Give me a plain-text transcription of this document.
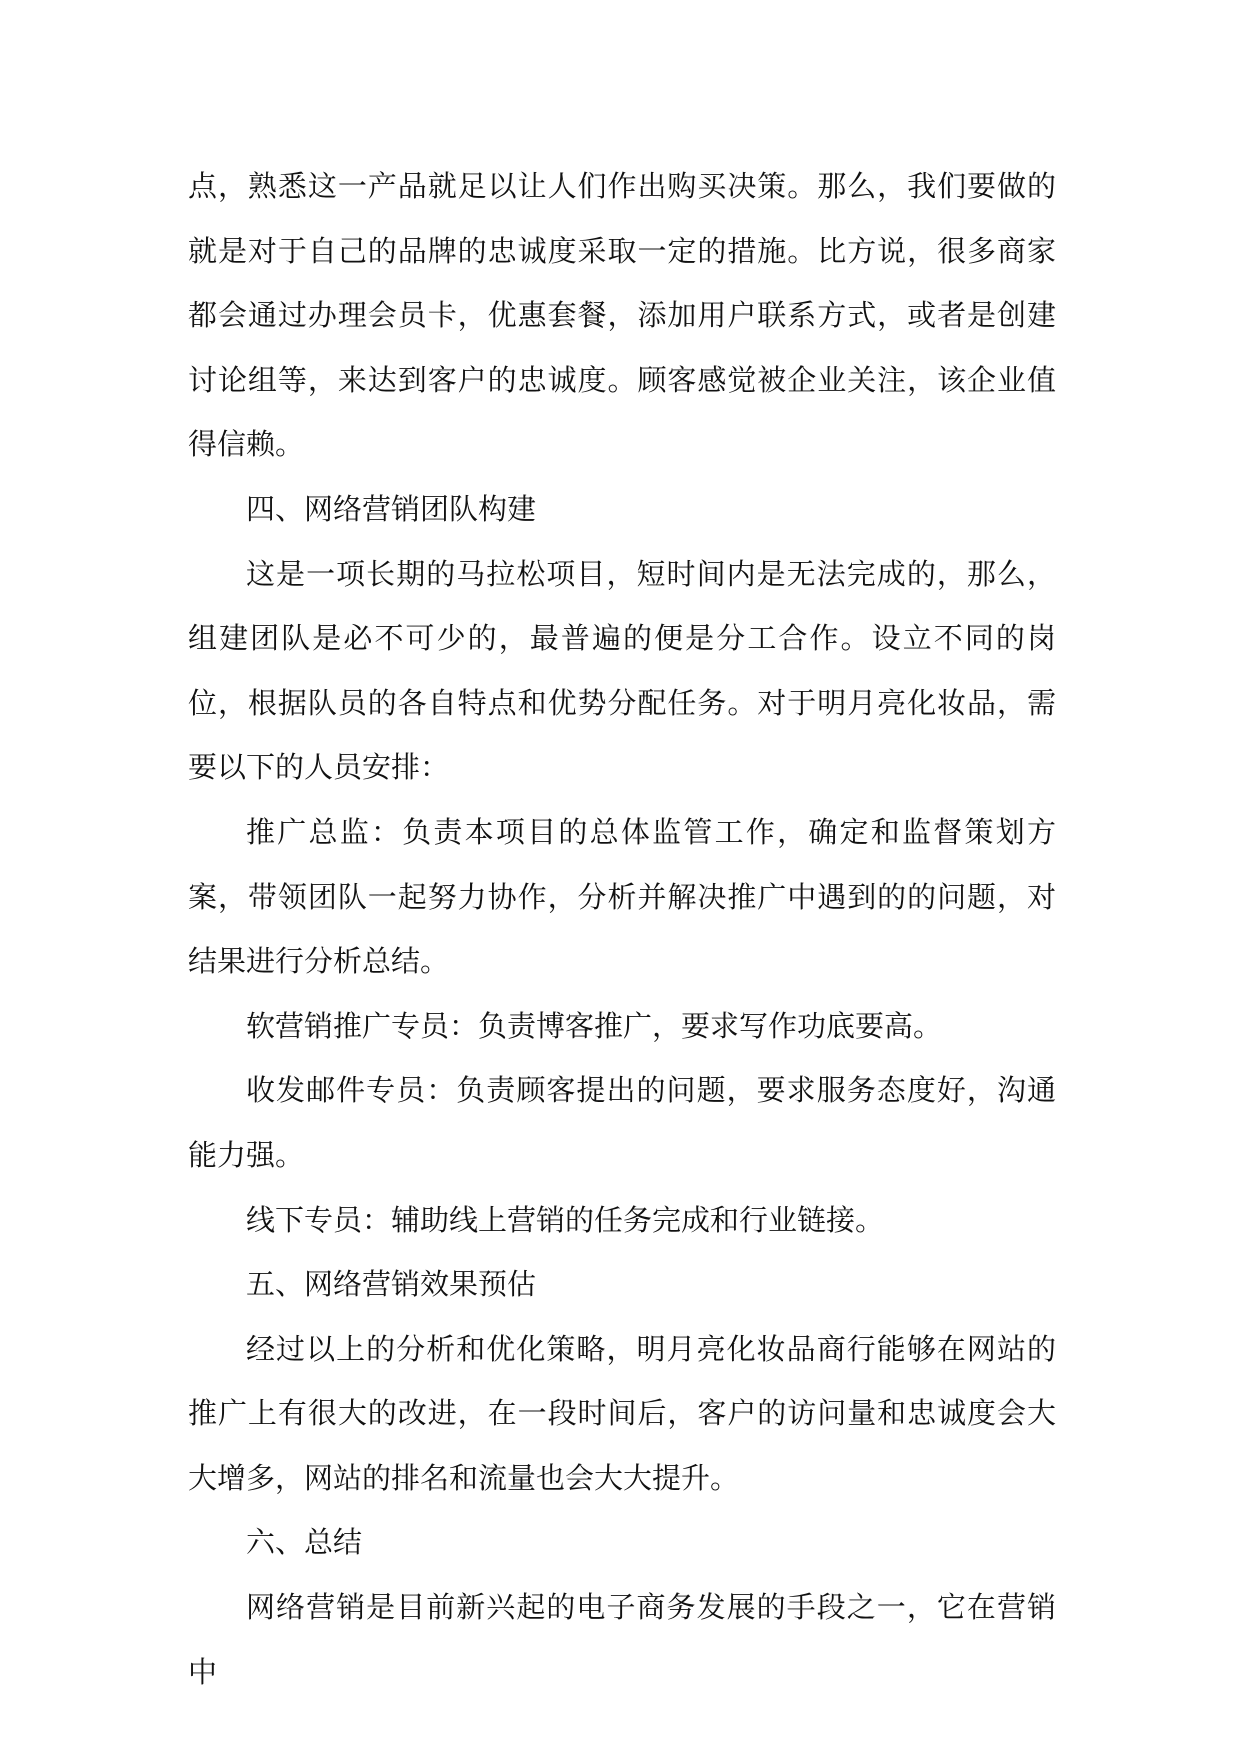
点，熟悉这一产品就足以让人们作出购买决策。那么，我们要做的就是对于自己的品牌的忠诚度采取一定的措施。比方说，很多商家都会通过办理会员卡，优惠套餐，添加用户联系方式，或者是创建讨论组等，来达到客户的忠诚度。顾客感觉被企业关注，该企业值得信赖。

四、网络营销团队构建

这是一项长期的马拉松项目，短时间内是无法完成的，那么，组建团队是必不可少的，最普遍的便是分工合作。设立不同的岗位，根据队员的各自特点和优势分配任务。对于明月亮化妆品，需要以下的人员安排：

推广总监：负责本项目的总体监管工作，确定和监督策划方案，带领团队一起努力协作，分析并解决推广中遇到的的问题，对结果进行分析总结。

软营销推广专员：负责博客推广，要求写作功底要高。

收发邮件专员：负责顾客提出的问题，要求服务态度好，沟通能力强。

线下专员：辅助线上营销的任务完成和行业链接。

五、网络营销效果预估

经过以上的分析和优化策略，明月亮化妆品商行能够在网站的推广上有很大的改进，在一段时间后，客户的访问量和忠诚度会大大增多，网站的排名和流量也会大大提升。

六、总结

网络营销是目前新兴起的电子商务发展的手段之一，它在营销中
